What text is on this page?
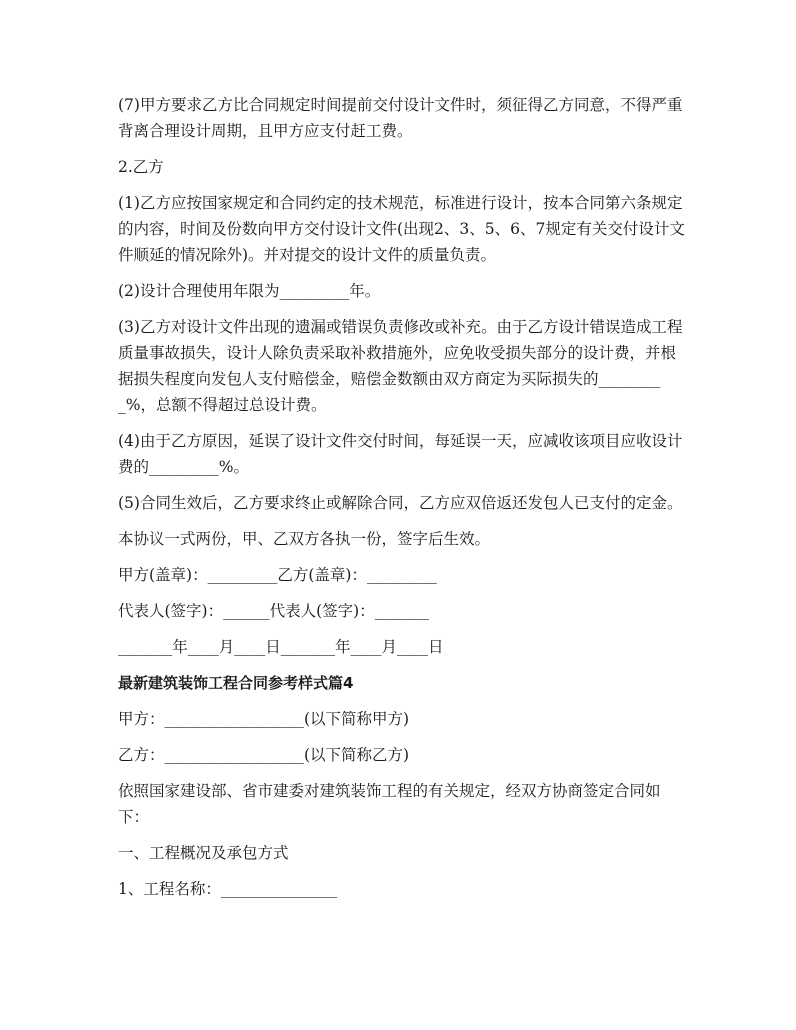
(7)甲方要求乙方比合同规定时间提前交付设计文件时，须征得乙方同意，不得严重背离合理设计周期，且甲方应支付赶工费。

2.乙方

(1)乙方应按国家规定和合同约定的技术规范，标准进行设计，按本合同第六条规定的内容，时间及份数向甲方交付设计文件(出现2、3、5、6、7规定有关交付设计文件顺延的情况除外)。并对提交的设计文件的质量负责。

(2)设计合理使用年限为_________年。

(3)乙方对设计文件出现的遗漏或错误负责修改或补充。由于乙方设计错误造成工程质量事故损失，设计人除负责采取补救措施外，应免收受损失部分的设计费，并根据损失程度向发包人支付赔偿金，赔偿金数额由双方商定为买际损失的_________%，总额不得超过总设计费。

(4)由于乙方原因，延误了设计文件交付时间，每延误一天，应减收该项目应收设计费的_________%。

(5)合同生效后，乙方要求终止或解除合同，乙方应双倍返还发包人已支付的定金。

本协议一式两份，甲、乙双方各执一份，签字后生效。

甲方(盖章)：_________乙方(盖章)：_________

代表人(签字)：______代表人(签字)：_______

_______年____月____日_______年____月____日

最新建筑装饰工程合同参考样式篇4

甲方：__________________(以下简称甲方)

乙方：__________________(以下简称乙方)

依照国家建设部、省市建委对建筑装饰工程的有关规定，经双方协商签定合同如下：

一、工程概况及承包方式

1、工程名称：_______________
